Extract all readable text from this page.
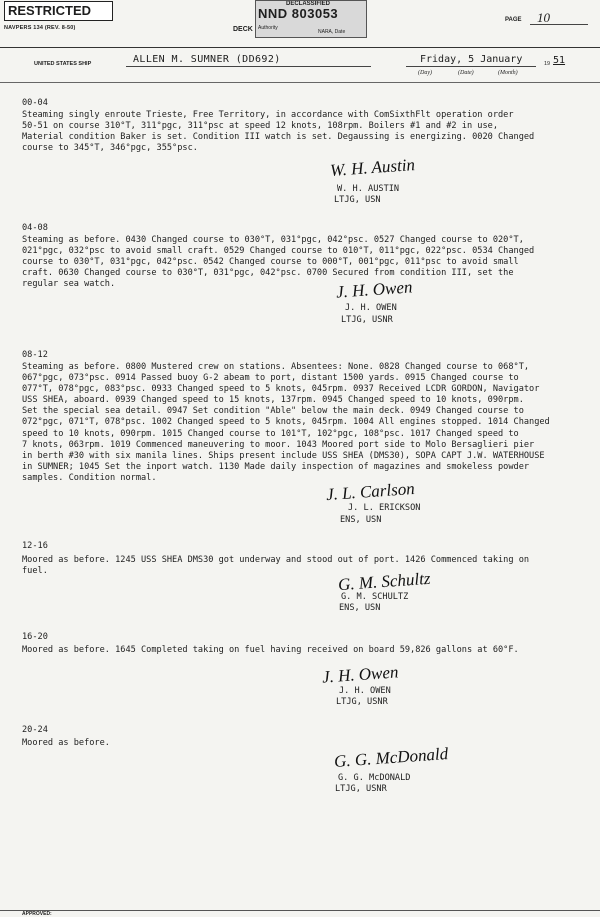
RESTRICTED
NAVPERS 134 (REV. 8-50)
DECLASSIFIED
NND 803053
Authority
NARA, Date
DECK
PAGE 10
UNITED STATES SHIP	ALLEN M. SUMNER (DD692)	Friday, 5 January	19 51
(Day)	(Date)	(Month)
00-04
Steaming singly enroute Trieste, Free Territory, in accordance with ComSixthFlt operation order
50-51 on course 310°T, 311°pgc, 311°psc at speed 12 knots, 108rpm. Boilers #1 and #2 in use,
Material condition Baker is set. Condition III watch is set. Degaussing is energizing. 0020 Changed
course to 345°T, 346°pgc, 355°psc.
W. H. Austin
W. H. AUSTIN
LTJG, USN
04-08
Steaming as before. 0430 Changed course to 030°T, 031°pgc, 042°psc. 0527 Changed course to 020°T,
021°pgc, 032°psc to avoid small craft. 0529 Changed course to 010°T, 011°pgc, 022°psc. 0534 Changed
course to 030°T, 031°pgc, 042°psc. 0542 Changed course to 000°T, 001°pgc, 011°psc to avoid small
craft. 0630 Changed course to 030°T, 031°pgc, 042°psc. 0700 Secured from condition III, set the
regular sea watch.	J. H. Owen
J. H. OWEN
LTJG, USNR
08-12
Steaming as before. 0800 Mustered crew on stations. Absentees: None. 0828 Changed course to 068°T,
067°pgc, 073°psc. 0914 Passed buoy G-2 abeam to port, distant 1500 yards. 0915 Changed course to
077°T, 078°pgc, 083°psc. 0933 Changed speed to 5 knots, 045rpm. 0937 Received LCDR GORDON, Navigator
USS SHEA, aboard. 0939 Changed speed to 15 knots, 137rpm. 0945 Changed speed to 10 knots, 090rpm.
Set the special sea detail. 0947 Set condition "Able" below the main deck. 0949 Changed course to
072°pgc, 071°T, 078°psc. 1002 Changed speed to 5 knots, 045rpm. 1004 All engines stopped. 1014 Changed
speed to 10 knots, 090rpm. 1015 Changed course to 101°T, 102°pgc, 108°psc. 1017 Changed speed to
7 knots, 063rpm. 1019 Commenced maneuvering to moor. 1043 Moored port side to Molo Bersaglieri pier
in berth #30 with six manila lines. Ships present include USS SHEA (DMS30), SOPA CAPT J.W. WATERHOUSE
in SUMNER; 1045 Set the inport watch. 1130 Made daily inspection of magazines and smokeless powder
samples. Condition normal.
J. L. Carlson
J. L. ERICKSON
ENS, USN
12-16
Moored as before. 1245 USS SHEA DMS30 got underway and stood out of port. 1426 Commenced taking on
fuel.	G. M. Schultz
G. M. SCHULTZ
ENS, USN
16-20
Moored as before. 1645 Completed taking on fuel having received on board 59,826 gallons at 60°F.
J. H. Owen
J. H. OWEN
LTJG, USNR
20-24
Moored as before.
G. G. McDonald
G. G. McDONALD
LTJG, USNR
APPROVED:
